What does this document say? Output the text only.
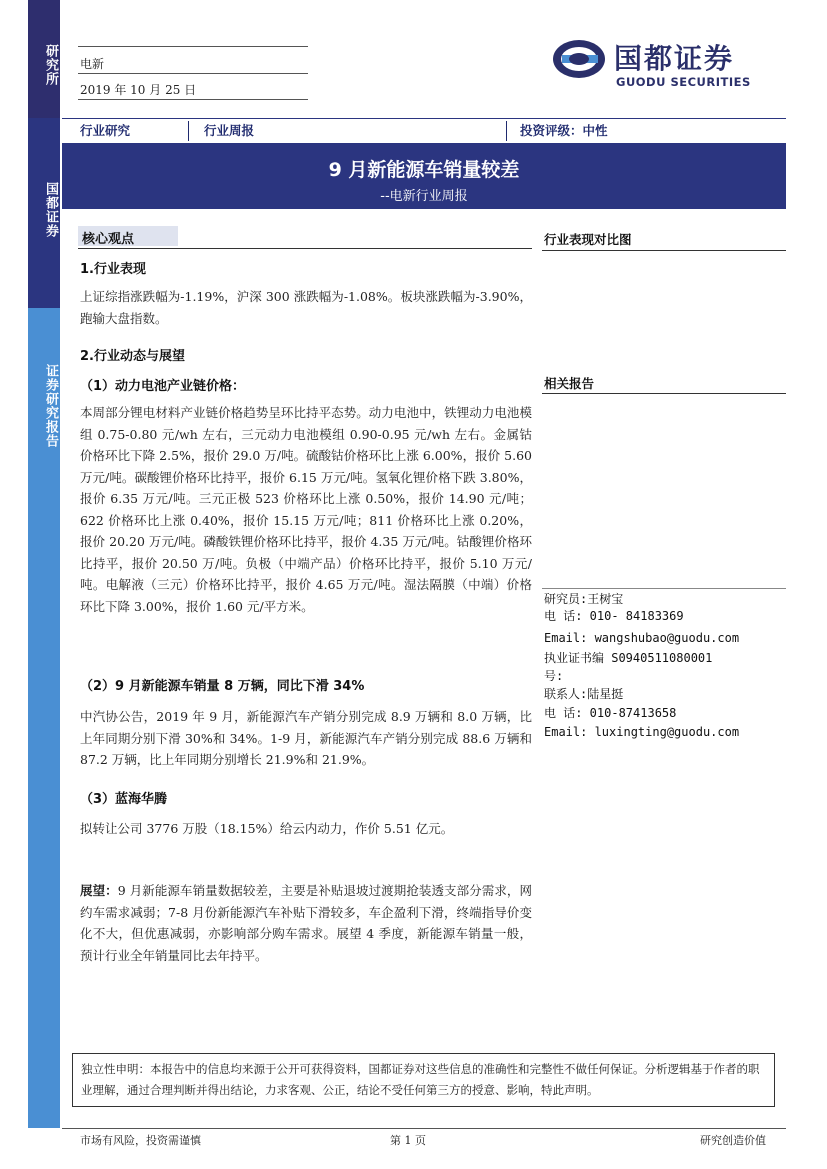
研究所
国都证券
证券研究报告
电新
2019 年 10 月 25 日
国都证券
GUODU SECURITIES
行业研究	行业周报	投资评级：中性
9 月新能源车销量较差
--电新行业周报
核心观点
1.行业表现
上证综指涨跌幅为-1.19%，沪深 300 涨跌幅为-1.08%。板块涨跌幅为-3.90%，跑输大盘指数。
2.行业动态与展望
（1）动力电池产业链价格：
本周部分锂电材料产业链价格趋势呈环比持平态势。动力电池中，铁锂动力电池模组 0.75-0.80 元/wh 左右，三元动力电池模组 0.90-0.95 元/wh 左右。金属钴价格环比下降 2.5%，报价 29.0 万/吨。硫酸钴价格环比上涨 6.00%，报价 5.60 万元/吨。碳酸锂价格环比持平，报价 6.15 万元/吨。氢氧化锂价格下跌 3.80%，报价 6.35 万元/吨。三元正极 523 价格环比上涨 0.50%，报价 14.90 元/吨；622 价格环比上涨 0.40%，报价 15.15 万元/吨；811 价格环比上涨 0.20%，报价 20.20 万元/吨。磷酸铁锂价格环比持平，报价 4.35 万元/吨。钴酸锂价格环比持平，报价 20.50 万/吨。负极（中端产品）价格环比持平，报价 5.10 万元/吨。电解液（三元）价格环比持平，报价 4.65 万元/吨。湿法隔膜（中端）价格环比下降 3.00%，报价 1.60 元/平方米。
（2）9 月新能源车销量 8 万辆，同比下滑 34%
中汽协公告，2019 年 9 月，新能源汽车产销分别完成 8.9 万辆和 8.0 万辆，比上年同期分别下滑 30%和 34%。1-9 月，新能源汽车产销分别完成 88.6 万辆和 87.2 万辆，比上年同期分别增长 21.9%和 21.9%。
（3）蓝海华腾
拟转让公司 3776 万股（18.15%）给云内动力，作价 5.51 亿元。
展望：9 月新能源车销量数据较差，主要是补贴退坡过渡期抢装透支部分需求，网约车需求减弱；7-8 月份新能源汽车补贴下滑较多，车企盈利下滑，终端指导价变化不大，但优惠减弱，亦影响部分购车需求。展望 4 季度，新能源车销量一般，预计行业全年销量同比去年持平。
行业表现对比图
相关报告
研究员:王树宝
电 话: 010- 84183369
Email: wangshubao@guodu.com
执业证书编 S0940511080001
号:
联系人:陆星挺
电 话: 010-87413658
Email: luxingting@guodu.com
独立性申明：本报告中的信息均来源于公开可获得资料，国都证券对这些信息的准确性和完整性不做任何保证。分析逻辑基于作者的职业理解，通过合理判断并得出结论，力求客观、公正，结论不受任何第三方的授意、影响，特此声明。
市场有风险，投资需谨慎	第 1 页	研究创造价值
